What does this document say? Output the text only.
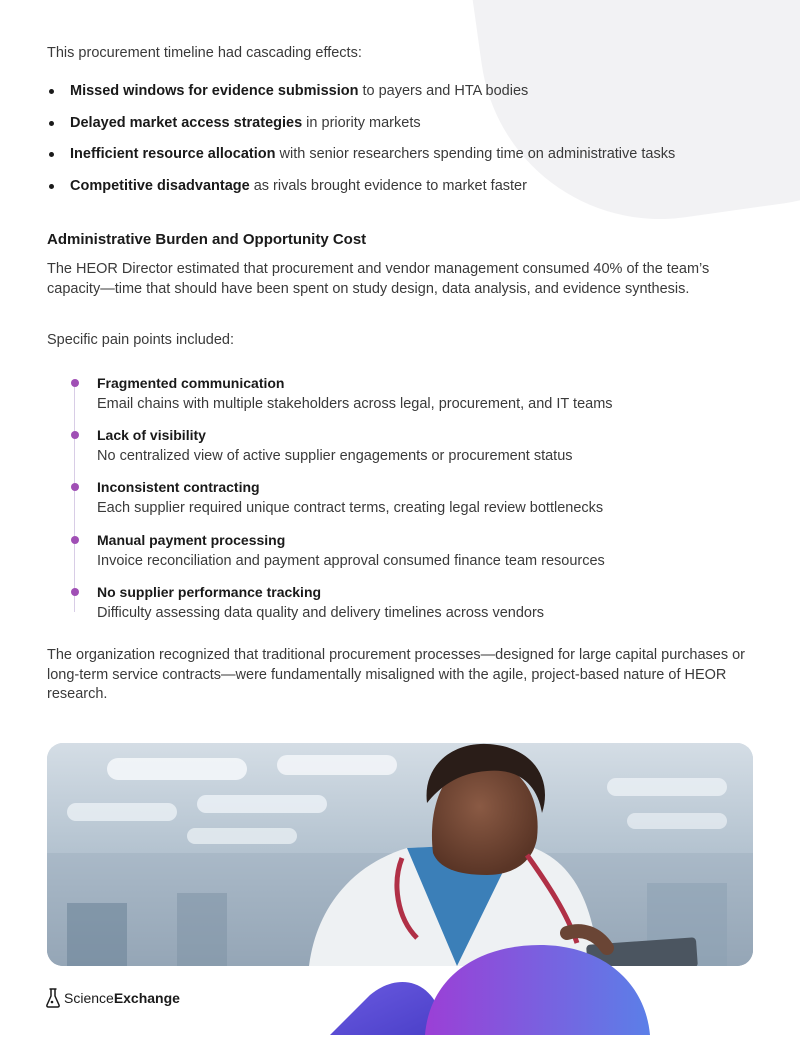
This procurement timeline had cascading effects:

Missed windows for evidence submission to payers and HTA bodies
Delayed market access strategies in priority markets
Inefficient resource allocation with senior researchers spending time on administrative tasks
Competitive disadvantage as rivals brought evidence to market faster
Administrative Burden and Opportunity Cost

The HEOR Director estimated that procurement and vendor management consumed 40% of the team’s capacity—time that should have been spent on study design, data analysis, and evidence synthesis.

Specific pain points included:

Fragmented communication
Email chains with multiple stakeholders across legal, procurement, and IT teams
Lack of visibility
No centralized view of active supplier engagements or procurement status
Inconsistent contracting
Each supplier required unique contract terms, creating legal review bottlenecks
Manual payment processing
Invoice reconciliation and payment approval consumed finance team resources
No supplier performance tracking
Difficulty assessing data quality and delivery timelines across vendors

The organization recognized that traditional procurement processes—designed for large capital purchases or long-term service contracts—were fundamentally misaligned with the agile, project-based nature of HEOR research.

ScienceExchange
